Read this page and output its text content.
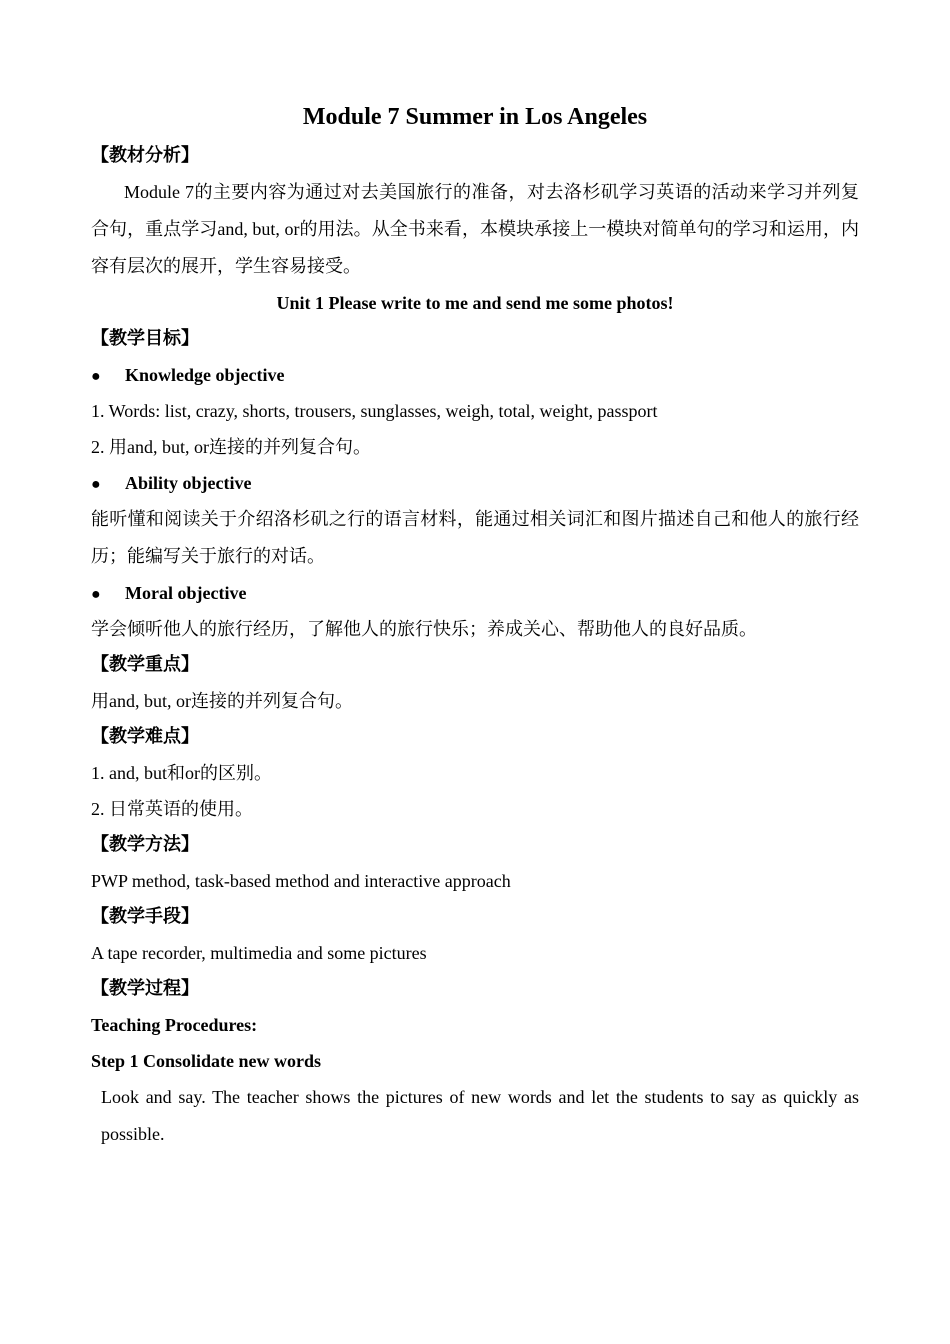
Module 7 Summer in Los Angeles
【教材分析】
Module 7的主要内容为通过对去美国旅行的准备，对去洛杉矶学习英语的活动来学习并列复合句，重点学习and, but, or的用法。从全书来看，本模块承接上一模块对简单句的学习和运用，内容有层次的展开，学生容易接受。
Unit 1 Please write to me and send me some photos!
【教学目标】
● Knowledge objective
1. Words: list, crazy, shorts, trousers, sunglasses, weigh, total, weight, passport
2. 用and, but, or连接的并列复合句。
● Ability objective
能听懂和阅读关于介绍洛杉矶之行的语言材料，能通过相关词汇和图片描述自己和他人的旅行经历；能编写关于旅行的对话。
● Moral objective
学会倾听他人的旅行经历，了解他人的旅行快乐；养成关心、帮助他人的良好品质。
【教学重点】
用and, but, or连接的并列复合句。
【教学难点】
1. and, but和or的区别。
2. 日常英语的使用。
【教学方法】
PWP method, task-based method and interactive approach
【教学手段】
A tape recorder, multimedia and some pictures
【教学过程】
Teaching Procedures:
Step 1 Consolidate new words
Look and say. The teacher shows the pictures of new words and let the students to say as quickly as possible.
